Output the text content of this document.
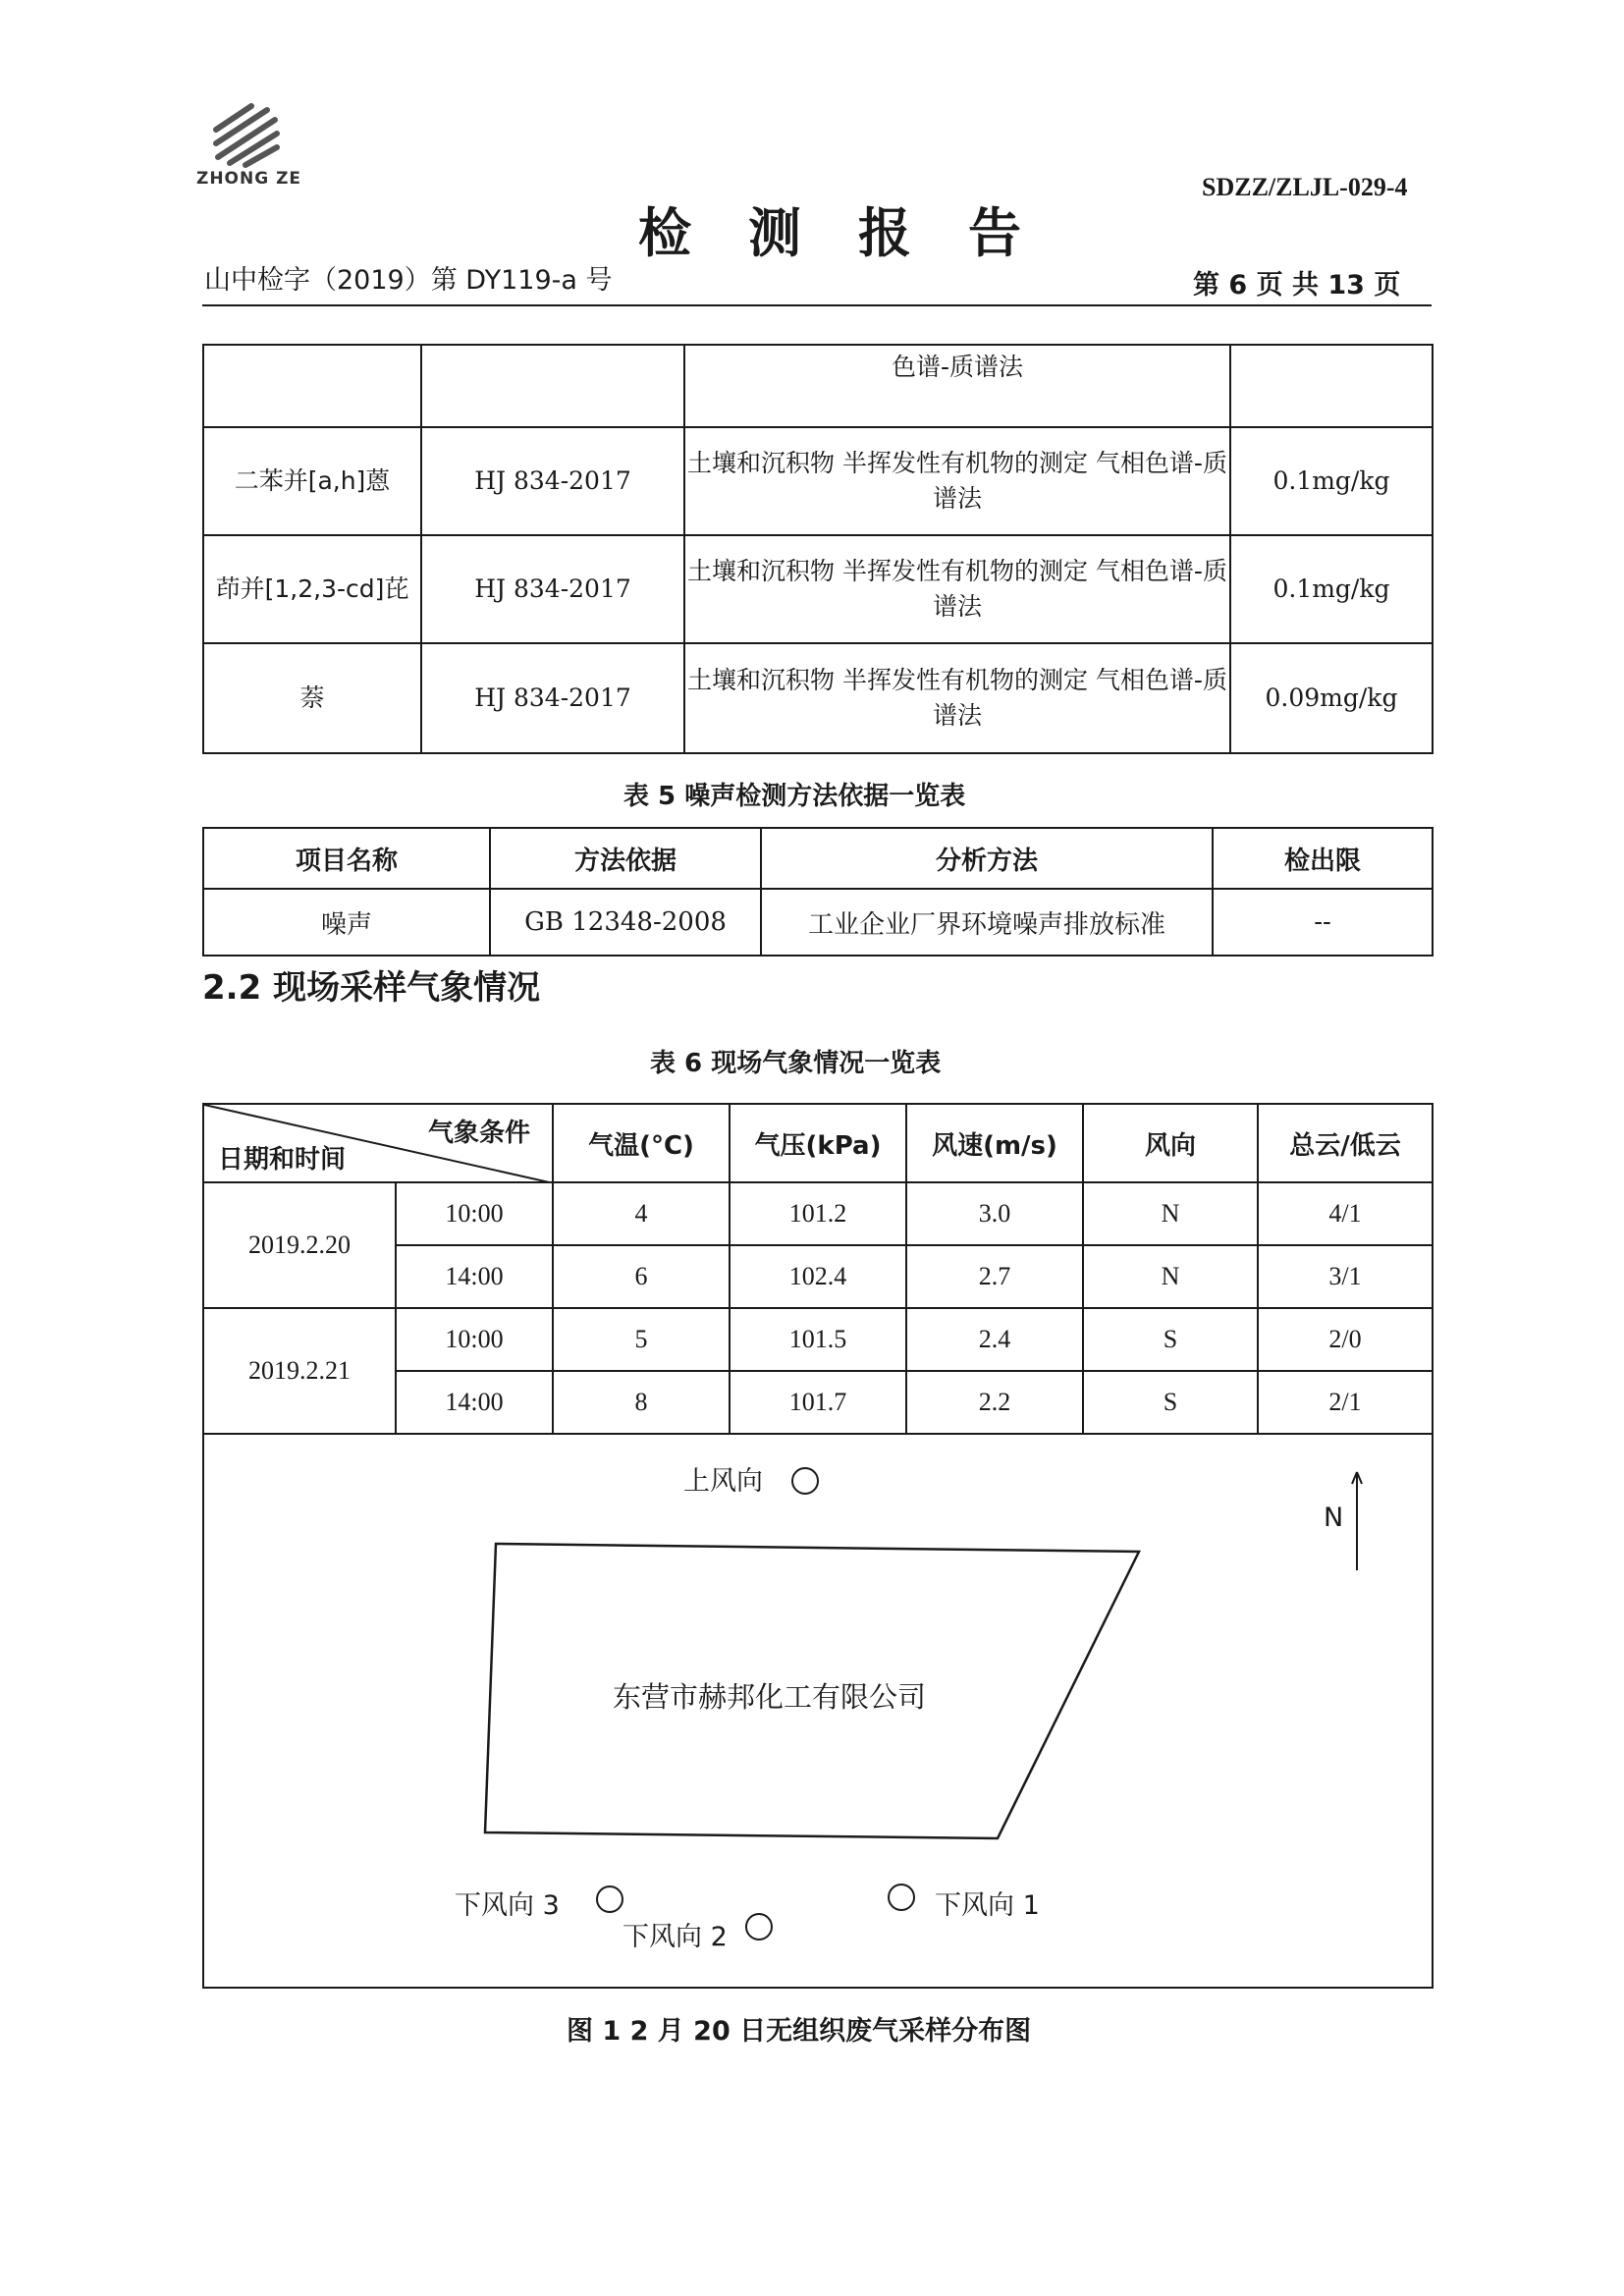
ZHONG ZE	SDZZ/ZLJL-029-4
检测报告
山中检字（2019）第 DY119-a 号	第 6 页 共 13 页
		色谱-质谱法	
二苯并[a,h]蒽	HJ 834-2017	土壤和沉积物 半挥发性有机物的测定 气相色谱-质谱法	0.1mg/kg
茚并[1,2,3-cd]芘	HJ 834-2017	土壤和沉积物 半挥发性有机物的测定 气相色谱-质谱法	0.1mg/kg
萘	HJ 834-2017	土壤和沉积物 半挥发性有机物的测定 气相色谱-质谱法	0.09mg/kg
表 5 噪声检测方法依据一览表
项目名称	方法依据	分析方法	检出限
噪声	GB 12348-2008	工业企业厂界环境噪声排放标准	--
2.2 现场采样气象情况
表 6 现场气象情况一览表
气象条件
日期和时间		气温(°C)	气压(kPa)	风速(m/s)	风向	总云/低云
2019.2.20	10:00	4	101.2	3.0	N	4/1
	14:00	6	102.4	2.7	N	3/1
2019.2.21	10:00	5	101.5	2.4	S	2/0
	14:00	8	101.7	2.2	S	2/1
上风向
N
东营市赫邦化工有限公司
下风向 3
下风向 2
下风向 1
图 1 2 月 20 日无组织废气采样分布图
